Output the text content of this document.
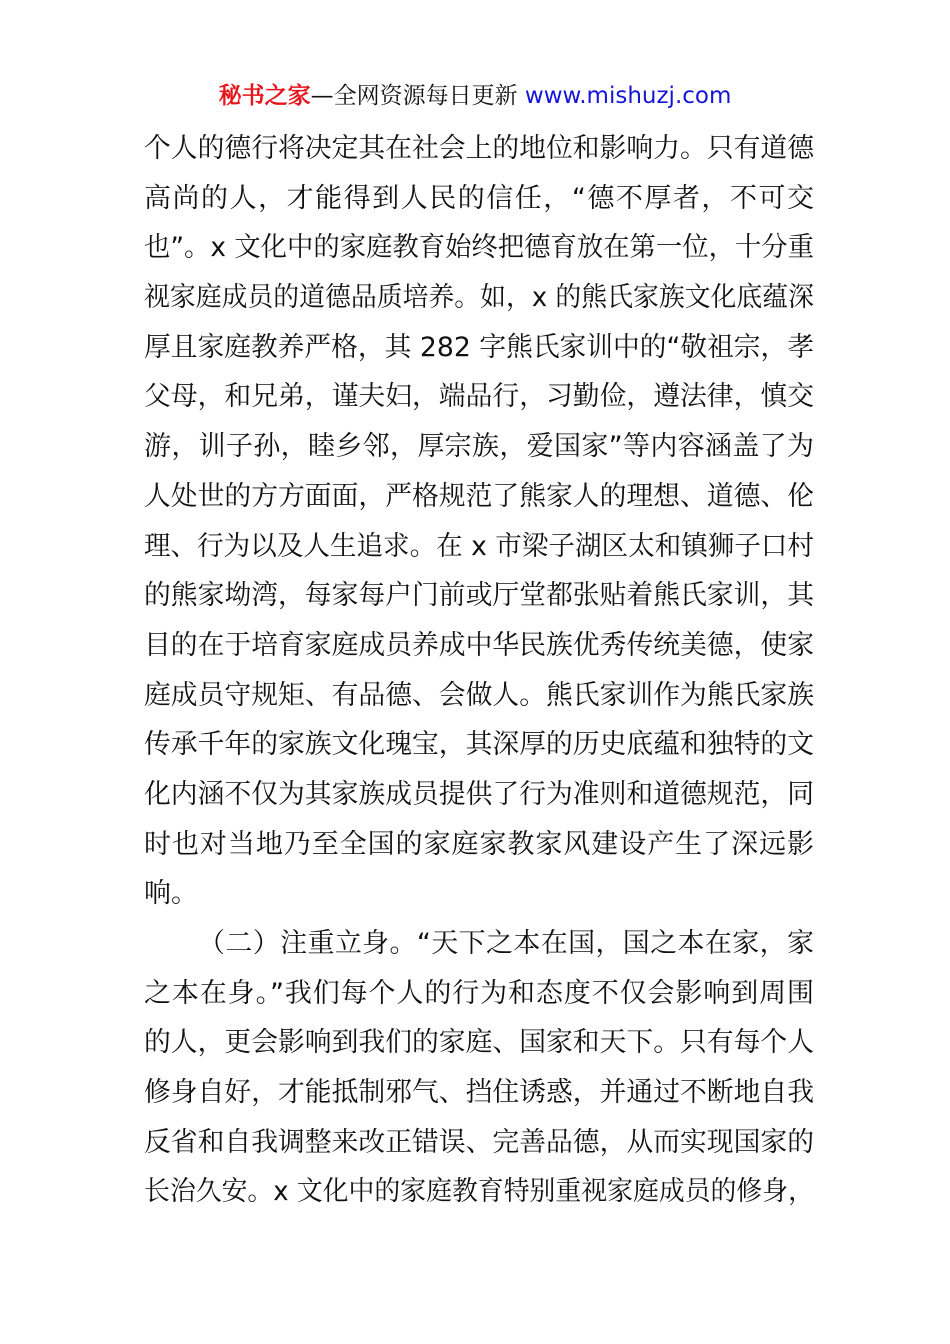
秘书之家—全网资源每日更新 www.mishuzj.com
个人的德行将决定其在社会上的地位和影响力。只有道德
高尚的人，才能得到人民的信任，“德不厚者，不可交
也”。x 文化中的家庭教育始终把德育放在第一位，十分重
视家庭成员的道德品质培养。如，x 的熊氏家族文化底蕴深
厚且家庭教养严格，其 282 字熊氏家训中的“敬祖宗，孝
父母，和兄弟，谨夫妇，端品行，习勤俭，遵法律，慎交
游，训子孙，睦乡邻，厚宗族，爱国家”等内容涵盖了为
人处世的方方面面，严格规范了熊家人的理想、道德、伦
理、行为以及人生追求。在 x 市梁子湖区太和镇狮子口村
的熊家坳湾，每家每户门前或厅堂都张贴着熊氏家训，其
目的在于培育家庭成员养成中华民族优秀传统美德，使家
庭成员守规矩、有品德、会做人。熊氏家训作为熊氏家族
传承千年的家族文化瑰宝，其深厚的历史底蕴和独特的文
化内涵不仅为其家族成员提供了行为准则和道德规范，同
时也对当地乃至全国的家庭家教家风建设产生了深远影
响。
（二）注重立身。“天下之本在国，国之本在家，家
之本在身。”我们每个人的行为和态度不仅会影响到周围
的人，更会影响到我们的家庭、国家和天下。只有每个人
修身自好，才能抵制邪气、挡住诱惑，并通过不断地自我
反省和自我调整来改正错误、完善品德，从而实现国家的
长治久安。x 文化中的家庭教育特别重视家庭成员的修身，
